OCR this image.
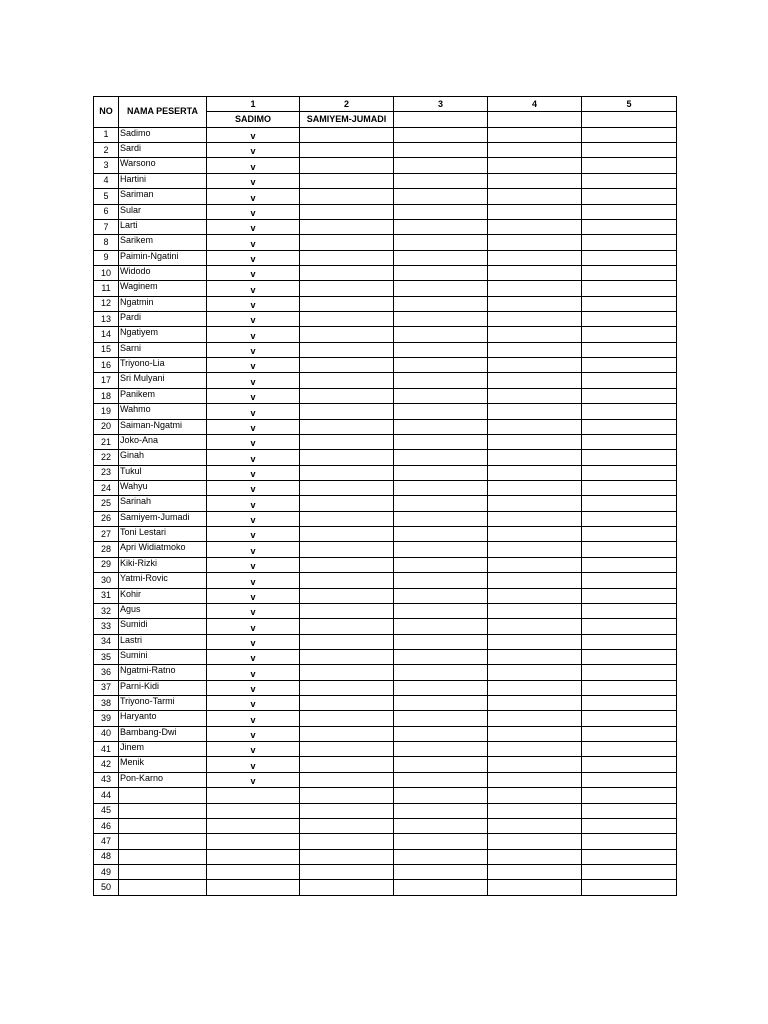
NO	NAMA PESERTA	1	2	3	4	5
		SADIMO	SAMIYEM-JUMADI			
1	Sadimo	v				
2	Sardi	v				
3	Warsono	v				
4	Hartini	v				
5	Sariman	v				
6	Sular	v				
7	Larti	v				
8	Sarikem	v				
9	Paimin-Ngatini	v				
10	Widodo	v				
11	Waginem	v				
12	Ngatmin	v				
13	Pardi	v				
14	Ngatiyem	v				
15	Sarni	v				
16	Triyono-Lia	v				
17	Sri Mulyani	v				
18	Panikem	v				
19	Wahmo	v				
20	Saiman-Ngatmi	v				
21	Joko-Ana	v				
22	Ginah	v				
23	Tukul	v				
24	Wahyu	v				
25	Sarinah	v				
26	Samiyem-Jumadi	v				
27	Toni Lestari	v				
28	Apri Widiatmoko	v				
29	Kiki-Rizki	v				
30	Yatmi-Rovic	v				
31	Kohir	v				
32	Agus	v				
33	Sumidi	v				
34	Lastri	v				
35	Sumini	v				
36	Ngatmi-Ratno	v				
37	Parni-Kidi	v				
38	Triyono-Tarmi	v				
39	Haryanto	v				
40	Bambang-Dwi	v				
41	Jinem	v				
42	Menik	v				
43	Pon-Karno	v				
44						
45						
46						
47						
48						
49						
50						
